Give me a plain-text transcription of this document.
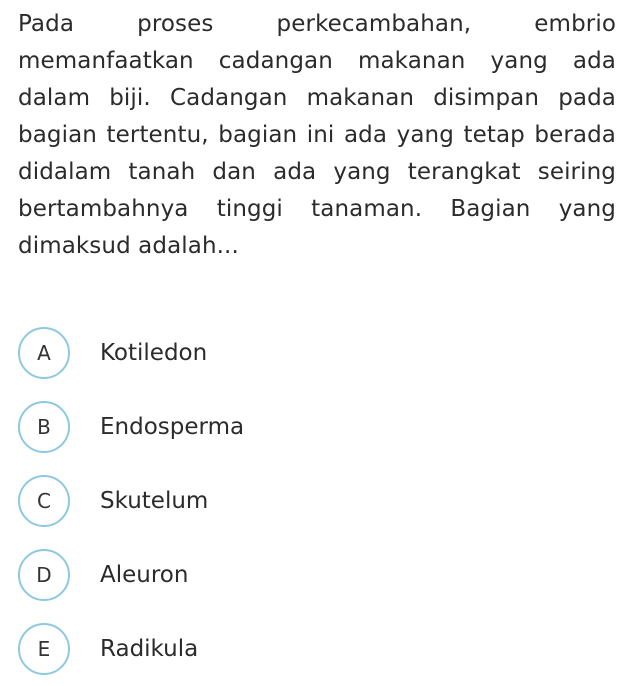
Pada proses perkecambahan, embrio memanfaatkan cadangan makanan yang ada dalam biji. Cadangan makanan disimpan pada bagian tertentu, bagian ini ada yang tetap berada didalam tanah dan ada yang terangkat seiring bertambahnya tinggi tanaman. Bagian yang dimaksud adalah...
A	Kotiledon
B	Endosperma
C	Skutelum
D	Aleuron
E	Radikula
